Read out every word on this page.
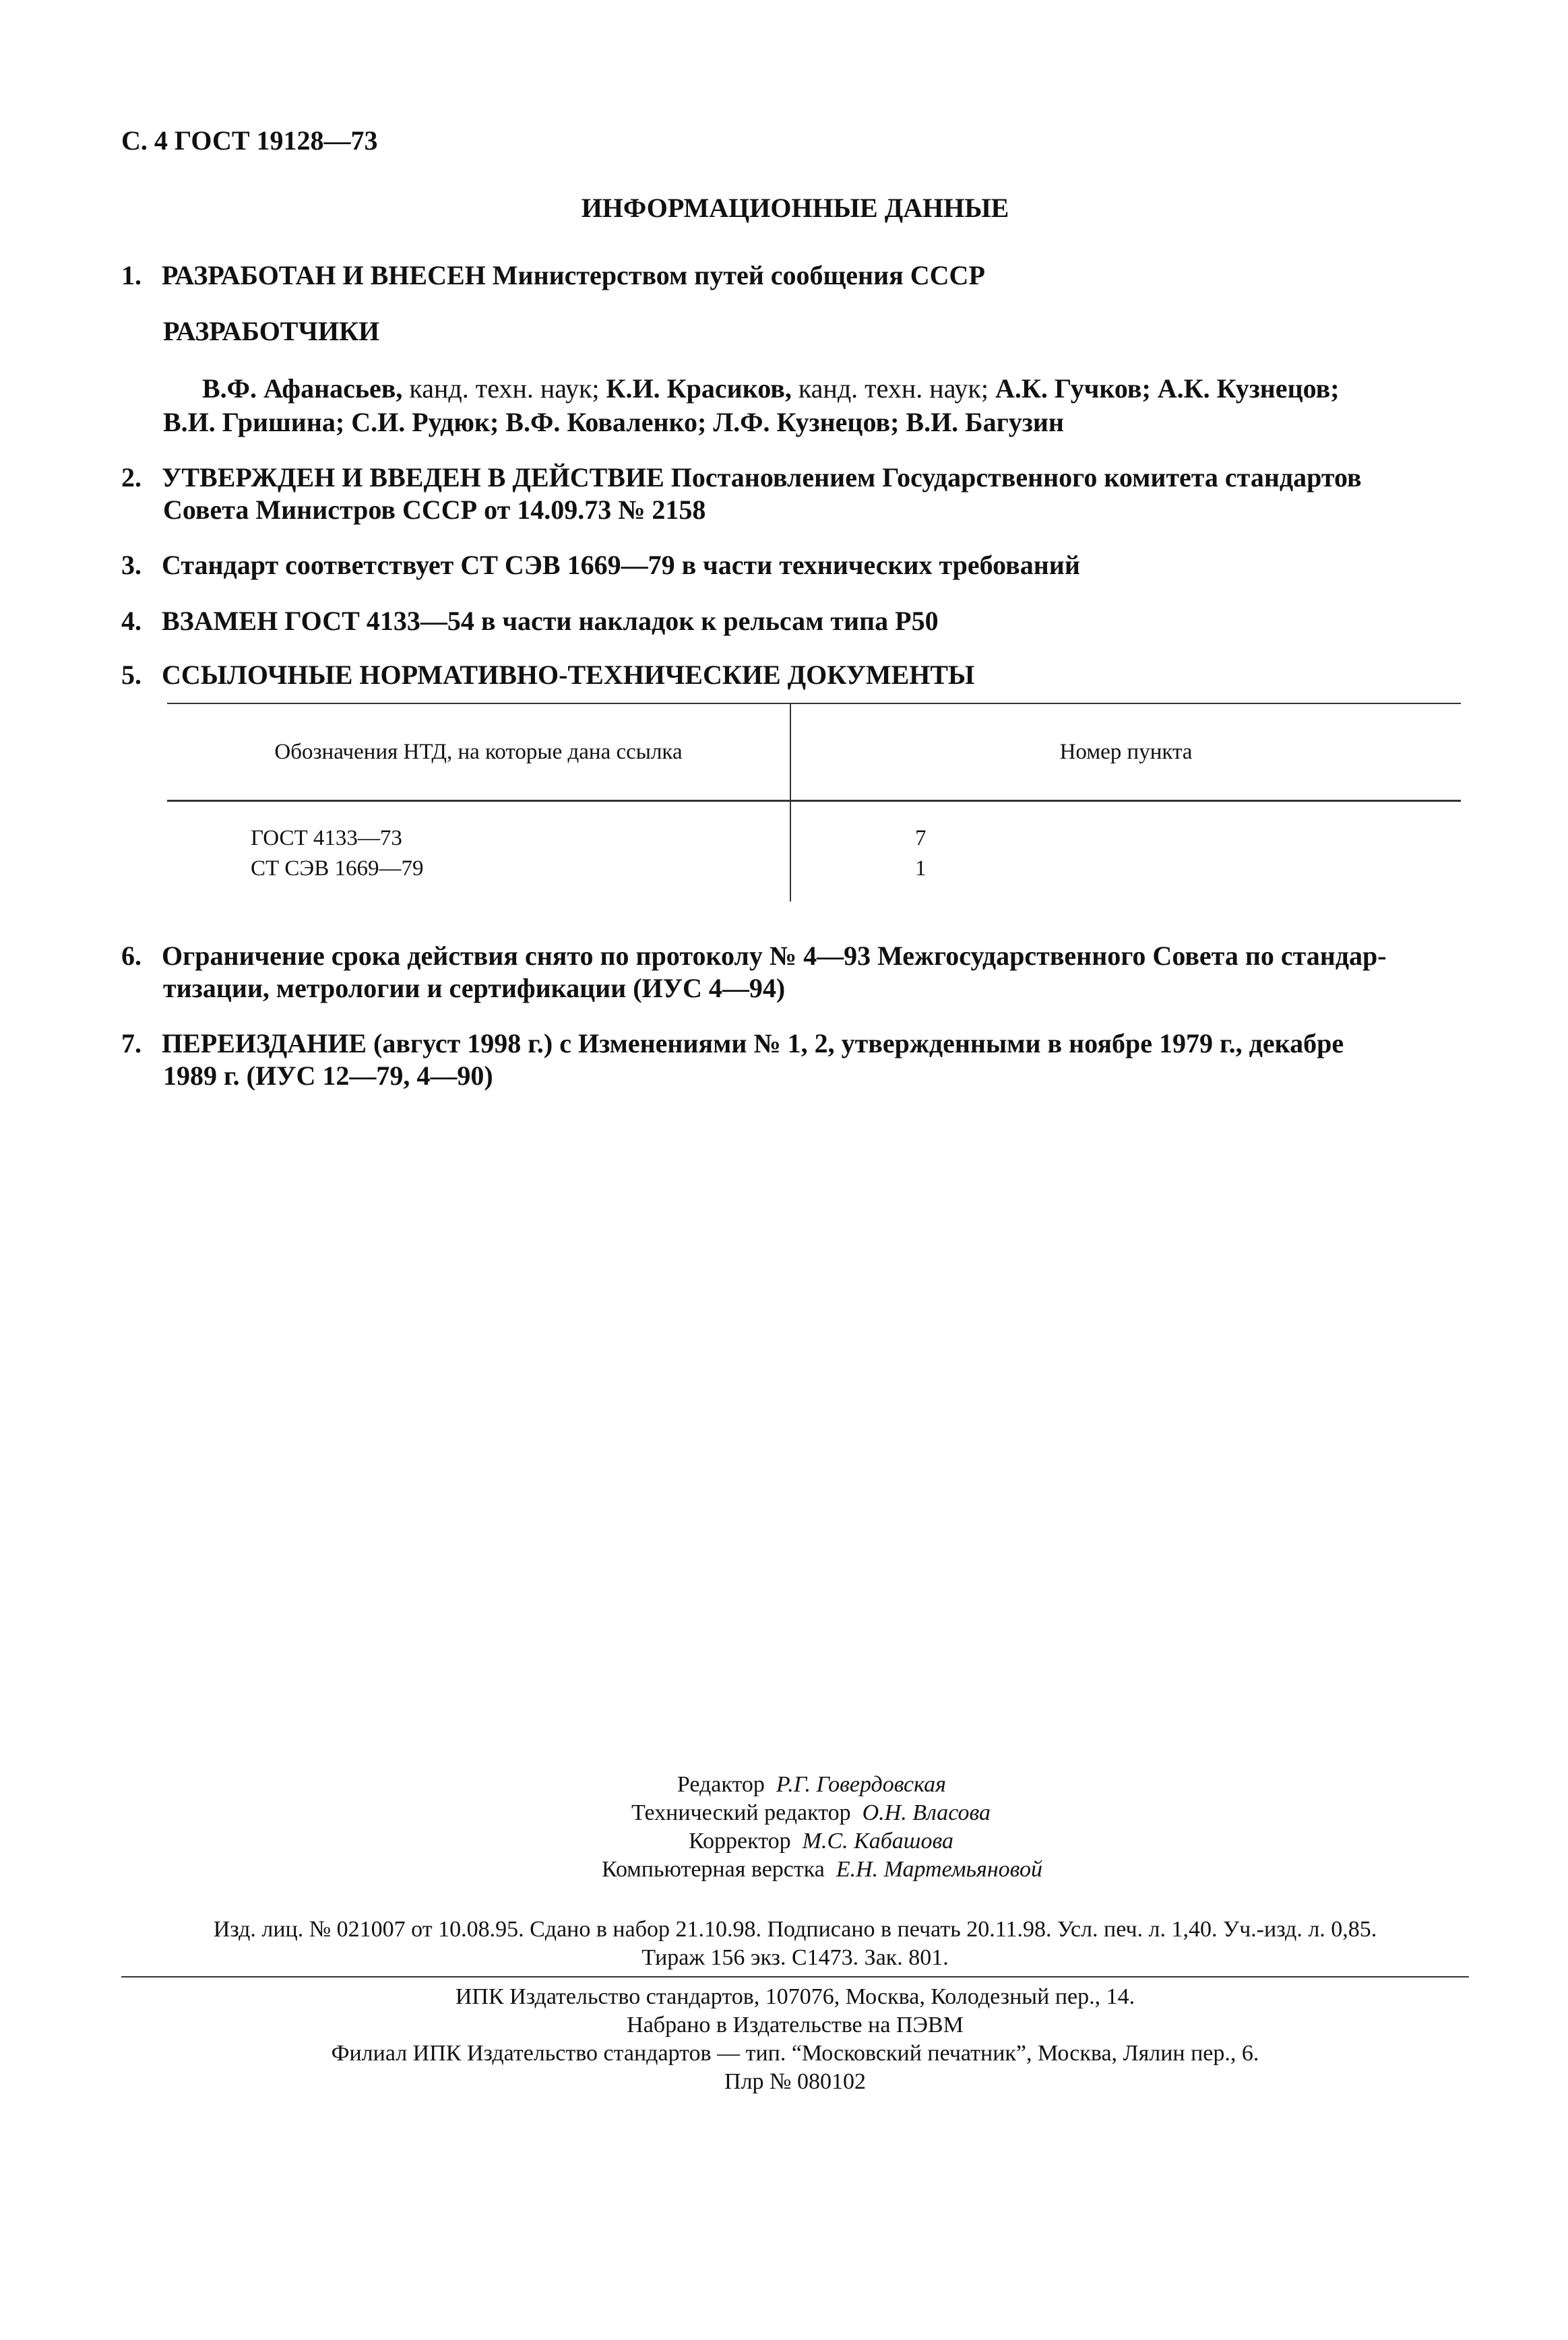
С. 4 ГОСТ 19128—73
ИНФОРМАЦИОННЫЕ ДАННЫЕ
1. РАЗРАБОТАН И ВНЕСЕН Министерством путей сообщения СССР
РАЗРАБОТЧИКИ
В.Ф. Афанасьев, канд. техн. наук; К.И. Красиков, канд. техн. наук; А.К. Гучков; А.К. Кузнецов;
В.И. Гришина; С.И. Рудюк; В.Ф. Коваленко; Л.Ф. Кузнецов; В.И. Багузин
2. УТВЕРЖДЕН И ВВЕДЕН В ДЕЙСТВИЕ Постановлением Государственного комитета стандартов
Совета Министров СССР от 14.09.73 № 2158
3. Стандарт соответствует СТ СЭВ 1669—79 в части технических требований
4. ВЗАМЕН ГОСТ 4133—54 в части накладок к рельсам типа Р50
5. ССЫЛОЧНЫЕ НОРМАТИВНО-ТЕХНИЧЕСКИЕ ДОКУМЕНТЫ
Обозначения НТД, на которые дана ссылка	Номер пункта
ГОСТ 4133—73	7
СТ СЭВ 1669—79	1
6. Ограничение срока действия снято по протоколу № 4—93 Межгосударственного Совета по стандар-
тизации, метрологии и сертификации (ИУС 4—94)
7. ПЕРЕИЗДАНИЕ (август 1998 г.) с Изменениями № 1, 2, утвержденными в ноябре 1979 г., декабре
1989 г. (ИУС 12—79, 4—90)
Редактор Р.Г. Говердовская
Технический редактор О.Н. Власова
Корректор М.С. Кабашова
Компьютерная верстка Е.Н. Мартемьяновой
Изд. лиц. № 021007 от 10.08.95. Сдано в набор 21.10.98. Подписано в печать 20.11.98. Усл. печ. л. 1,40. Уч.-изд. л. 0,85.
Тираж 156 экз. С1473. Зак. 801.
ИПК Издательство стандартов, 107076, Москва, Колодезный пер., 14.
Набрано в Издательстве на ПЭВМ
Филиал ИПК Издательство стандартов — тип. “Московский печатник”, Москва, Лялин пер., 6.
Плр № 080102
